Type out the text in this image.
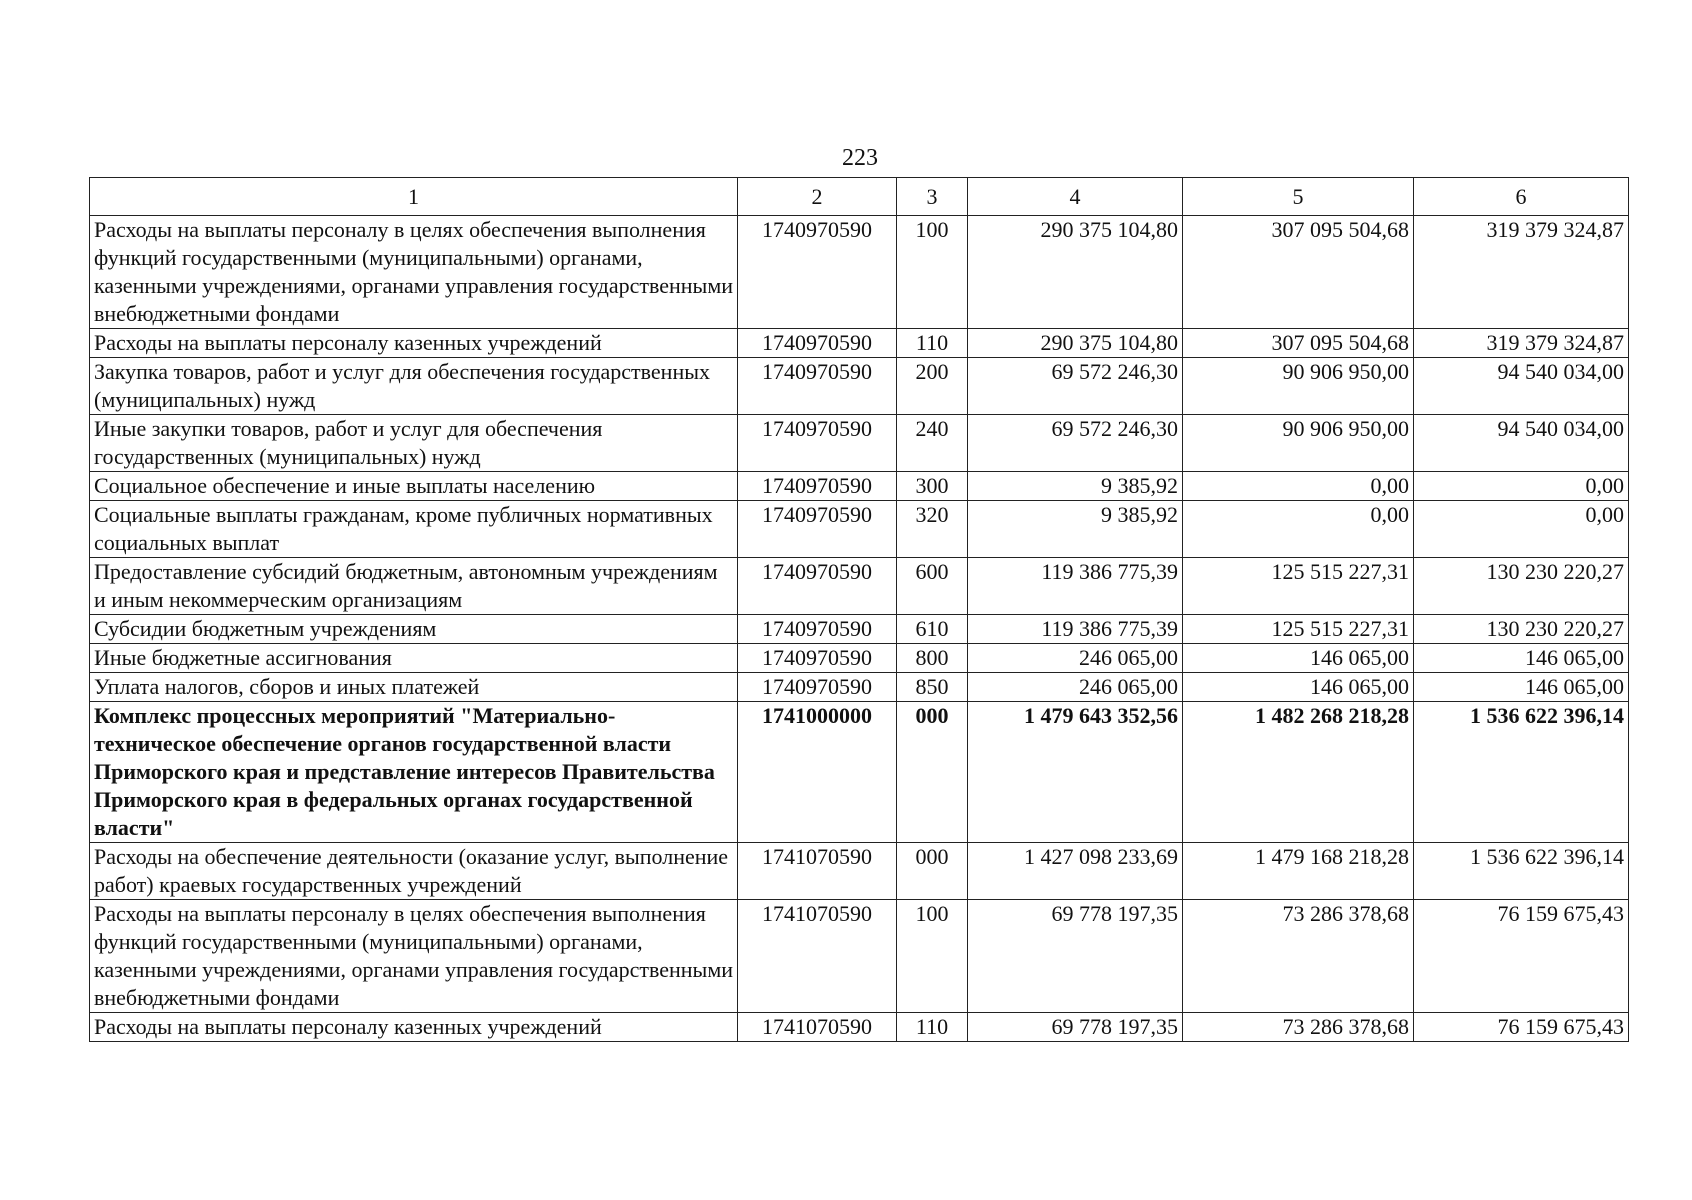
223
1	2	3	4	5	6
Расходы на выплаты персоналу в целях обеспечения выполнения функций государственными (муниципальными) органами, казенными учреждениями, органами управления государственными внебюджетными фондами	1740970590	100	290 375 104,80	307 095 504,68	319 379 324,87
Расходы на выплаты персоналу казенных учреждений	1740970590	110	290 375 104,80	307 095 504,68	319 379 324,87
Закупка товаров, работ и услуг для обеспечения государственных (муниципальных) нужд	1740970590	200	69 572 246,30	90 906 950,00	94 540 034,00
Иные закупки товаров, работ и услуг для обеспечения государственных (муниципальных) нужд	1740970590	240	69 572 246,30	90 906 950,00	94 540 034,00
Социальное обеспечение и иные выплаты населению	1740970590	300	9 385,92	0,00	0,00
Социальные выплаты гражданам, кроме публичных нормативных социальных выплат	1740970590	320	9 385,92	0,00	0,00
Предоставление субсидий бюджетным, автономным учреждениям и иным некоммерческим организациям	1740970590	600	119 386 775,39	125 515 227,31	130 230 220,27
Субсидии бюджетным учреждениям	1740970590	610	119 386 775,39	125 515 227,31	130 230 220,27
Иные бюджетные ассигнования	1740970590	800	246 065,00	146 065,00	146 065,00
Уплата налогов, сборов и иных платежей	1740970590	850	246 065,00	146 065,00	146 065,00
Комплекс процессных мероприятий "Материально-техническое обеспечение органов государственной власти Приморского края и представление интересов Правительства Приморского края в федеральных органах государственной власти"	1741000000	000	1 479 643 352,56	1 482 268 218,28	1 536 622 396,14
Расходы на обеспечение деятельности (оказание услуг, выполнение работ) краевых государственных учреждений	1741070590	000	1 427 098 233,69	1 479 168 218,28	1 536 622 396,14
Расходы на выплаты персоналу в целях обеспечения выполнения функций государственными (муниципальными) органами, казенными учреждениями, органами управления государственными внебюджетными фондами	1741070590	100	69 778 197,35	73 286 378,68	76 159 675,43
Расходы на выплаты персоналу казенных учреждений	1741070590	110	69 778 197,35	73 286 378,68	76 159 675,43
